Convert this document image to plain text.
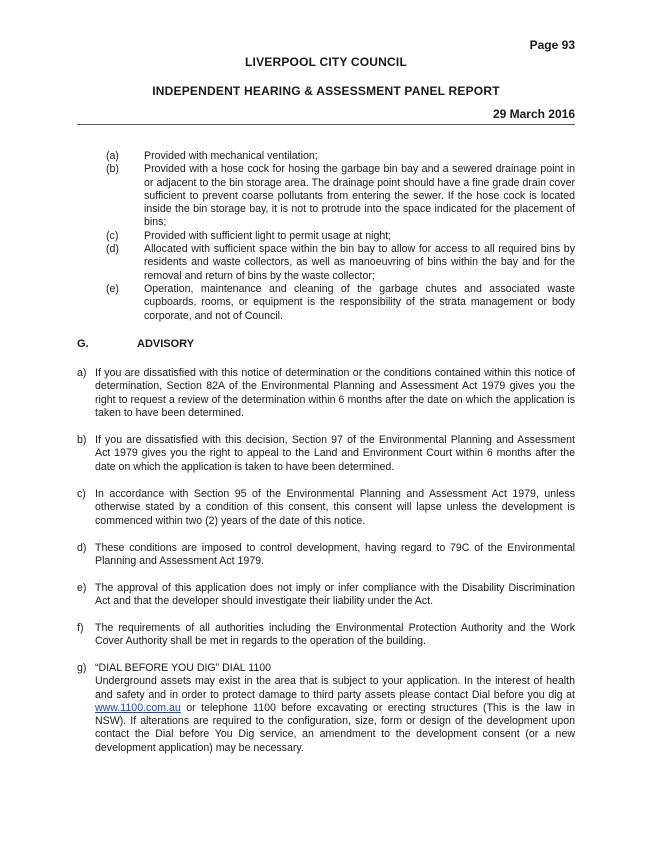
Page 93
LIVERPOOL CITY COUNCIL
INDEPENDENT HEARING & ASSESSMENT PANEL REPORT
29 March 2016
(a)	Provided with mechanical ventilation;
(b)	Provided with a hose cock for hosing the garbage bin bay and a sewered drainage point in or adjacent to the bin storage area. The drainage point should have a fine grade drain cover sufficient to prevent coarse pollutants from entering the sewer. If the hose cock is located inside the bin storage bay, it is not to protrude into the space indicated for the placement of bins;
(c)	Provided with sufficient light to permit usage at night;
(d)	Allocated with sufficient space within the bin bay to allow for access to all required bins by residents and waste collectors, as well as manoeuvring of bins within the bay and for the removal and return of bins by the waste collector;
(e)	Operation, maintenance and cleaning of the garbage chutes and associated waste cupboards, rooms, or equipment is the responsibility of the strata management or body corporate, and not of Council.
G.	ADVISORY
a) If you are dissatisfied with this notice of determination or the conditions contained within this notice of determination, Section 82A of the Environmental Planning and Assessment Act 1979 gives you the right to request a review of the determination within 6 months after the date on which the application is taken to have been determined.
b) If you are dissatisfied with this decision, Section 97 of the Environmental Planning and Assessment Act 1979 gives you the right to appeal to the Land and Environment Court within 6 months after the date on which the application is taken to have been determined.
c) In accordance with Section 95 of the Environmental Planning and Assessment Act 1979, unless otherwise stated by a condition of this consent, this consent will lapse unless the development is commenced within two (2) years of the date of this notice.
d) These conditions are imposed to control development, having regard to 79C of the Environmental Planning and Assessment Act 1979.
e) The approval of this application does not imply or infer compliance with the Disability Discrimination Act and that the developer should investigate their liability under the Act.
f)	The requirements of all authorities including the Environmental Protection Authority and the Work Cover Authority shall be met in regards to the operation of the building.
g) “DIAL BEFORE YOU DIG” DIAL 1100

Underground assets may exist in the area that is subject to your application. In the interest of health and safety and in order to protect damage to third party assets please contact Dial before you dig at www.1100.com.au or telephone 1100 before excavating or erecting structures (This is the law in NSW). If alterations are required to the configuration, size, form or design of the development upon contact the Dial before You Dig service, an amendment to the development consent (or a new development application) may be necessary.
